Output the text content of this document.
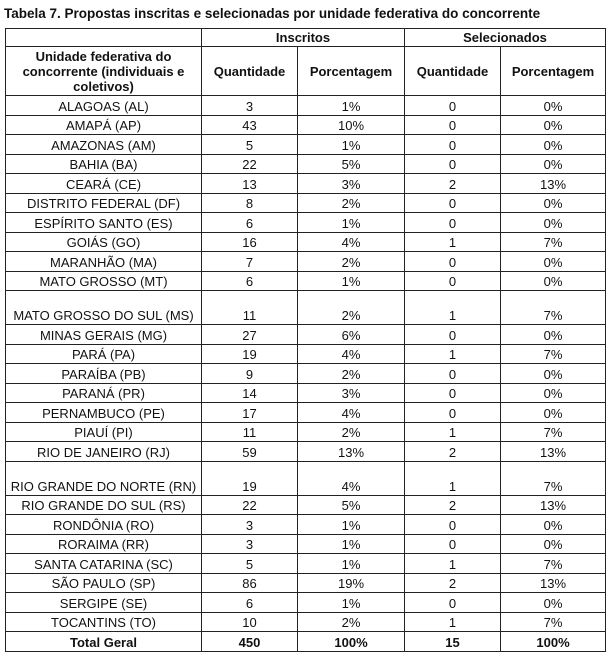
Tabela 7. Propostas inscritas e selecionadas por unidade federativa do concorrente
	Inscritos		Selecionados	
Unidade federativa do concorrente (individuais e coletivos)	Quantidade	Porcentagem	Quantidade	Porcentagem
ALAGOAS (AL)	3	1%	0	0%
AMAPÁ (AP)	43	10%	0	0%
AMAZONAS (AM)	5	1%	0	0%
BAHIA (BA)	22	5%	0	0%
CEARÁ (CE)	13	3%	2	13%
DISTRITO FEDERAL (DF)	8	2%	0	0%
ESPÍRITO SANTO (ES)	6	1%	0	0%
GOIÁS (GO)	16	4%	1	7%
MARANHÃO (MA)	7	2%	0	0%
MATO GROSSO (MT)	6	1%	0	0%
MATO GROSSO DO SUL (MS)	11	2%	1	7%
MINAS GERAIS (MG)	27	6%	0	0%
PARÁ (PA)	19	4%	1	7%
PARAÍBA (PB)	9	2%	0	0%
PARANÁ (PR)	14	3%	0	0%
PERNAMBUCO (PE)	17	4%	0	0%
PIAUÍ (PI)	11	2%	1	7%
RIO DE JANEIRO (RJ)	59	13%	2	13%
RIO GRANDE DO NORTE (RN)	19	4%	1	7%
RIO GRANDE DO SUL (RS)	22	5%	2	13%
RONDÔNIA (RO)	3	1%	0	0%
RORAIMA (RR)	3	1%	0	0%
SANTA CATARINA (SC)	5	1%	1	7%
SÃO PAULO (SP)	86	19%	2	13%
SERGIPE (SE)	6	1%	0	0%
TOCANTINS (TO)	10	2%	1	7%
Total Geral	450	100%	15	100%
